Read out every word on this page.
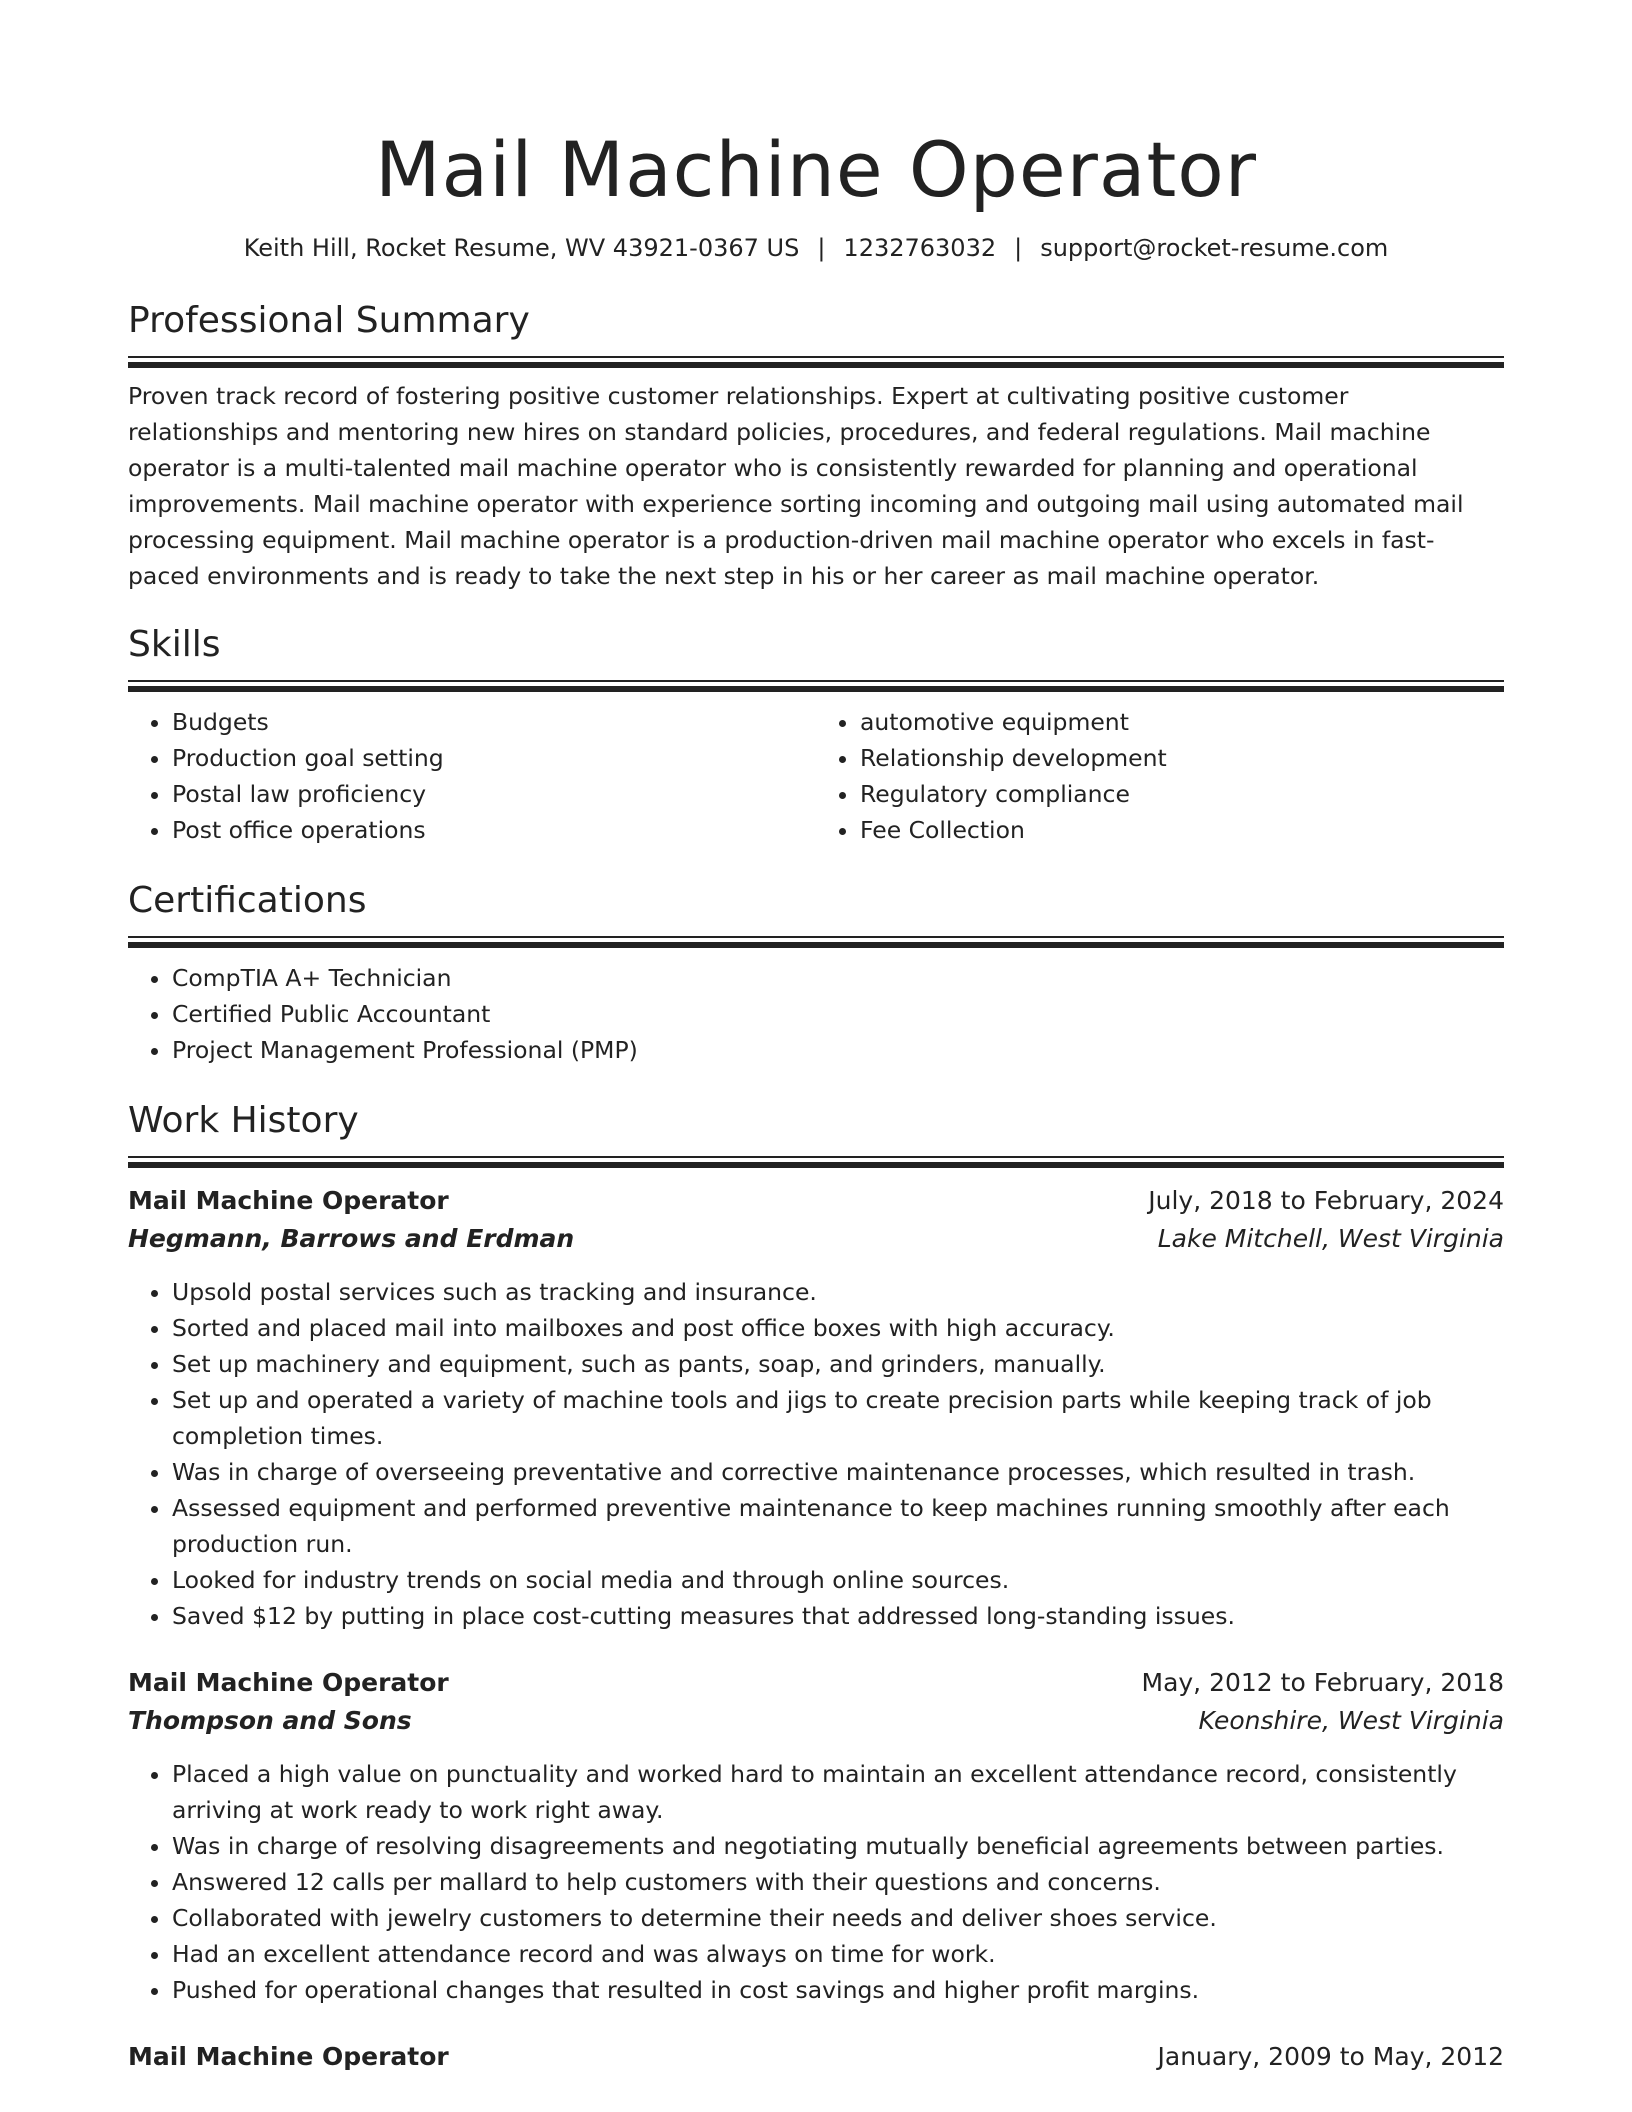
Mail Machine Operator
Keith Hill, Rocket Resume, WV 43921-0367 US | 1232763032 | support@rocket-resume.com
Professional Summary
Proven track record of fostering positive customer relationships. Expert at cultivating positive customer relationships and mentoring new hires on standard policies, procedures, and federal regulations. Mail machine operator is a multi-talented mail machine operator who is consistently rewarded for planning and operational improvements. Mail machine operator with experience sorting incoming and outgoing mail using automated mail processing equipment. Mail machine operator is a production-driven mail machine operator who excels in fast-paced environments and is ready to take the next step in his or her career as mail machine operator.
Skills
• Budgets
• Production goal setting
• Postal law proficiency
• Post office operations
• automotive equipment
• Relationship development
• Regulatory compliance
• Fee Collection
Certifications
• CompTIA A+ Technician
• Certified Public Accountant
• Project Management Professional (PMP)
Work History
Mail Machine Operator	July, 2018 to February, 2024
Hegmann, Barrows and Erdman	Lake Mitchell, West Virginia
• Upsold postal services such as tracking and insurance.
• Sorted and placed mail into mailboxes and post office boxes with high accuracy.
• Set up machinery and equipment, such as pants, soap, and grinders, manually.
• Set up and operated a variety of machine tools and jigs to create precision parts while keeping track of job completion times.
• Was in charge of overseeing preventative and corrective maintenance processes, which resulted in trash.
• Assessed equipment and performed preventive maintenance to keep machines running smoothly after each production run.
• Looked for industry trends on social media and through online sources.
• Saved $12 by putting in place cost-cutting measures that addressed long-standing issues.
Mail Machine Operator	May, 2012 to February, 2018
Thompson and Sons	Keonshire, West Virginia
• Placed a high value on punctuality and worked hard to maintain an excellent attendance record, consistently arriving at work ready to work right away.
• Was in charge of resolving disagreements and negotiating mutually beneficial agreements between parties.
• Answered 12 calls per mallard to help customers with their questions and concerns.
• Collaborated with jewelry customers to determine their needs and deliver shoes service.
• Had an excellent attendance record and was always on time for work.
• Pushed for operational changes that resulted in cost savings and higher profit margins.
Mail Machine Operator	January, 2009 to May, 2012
